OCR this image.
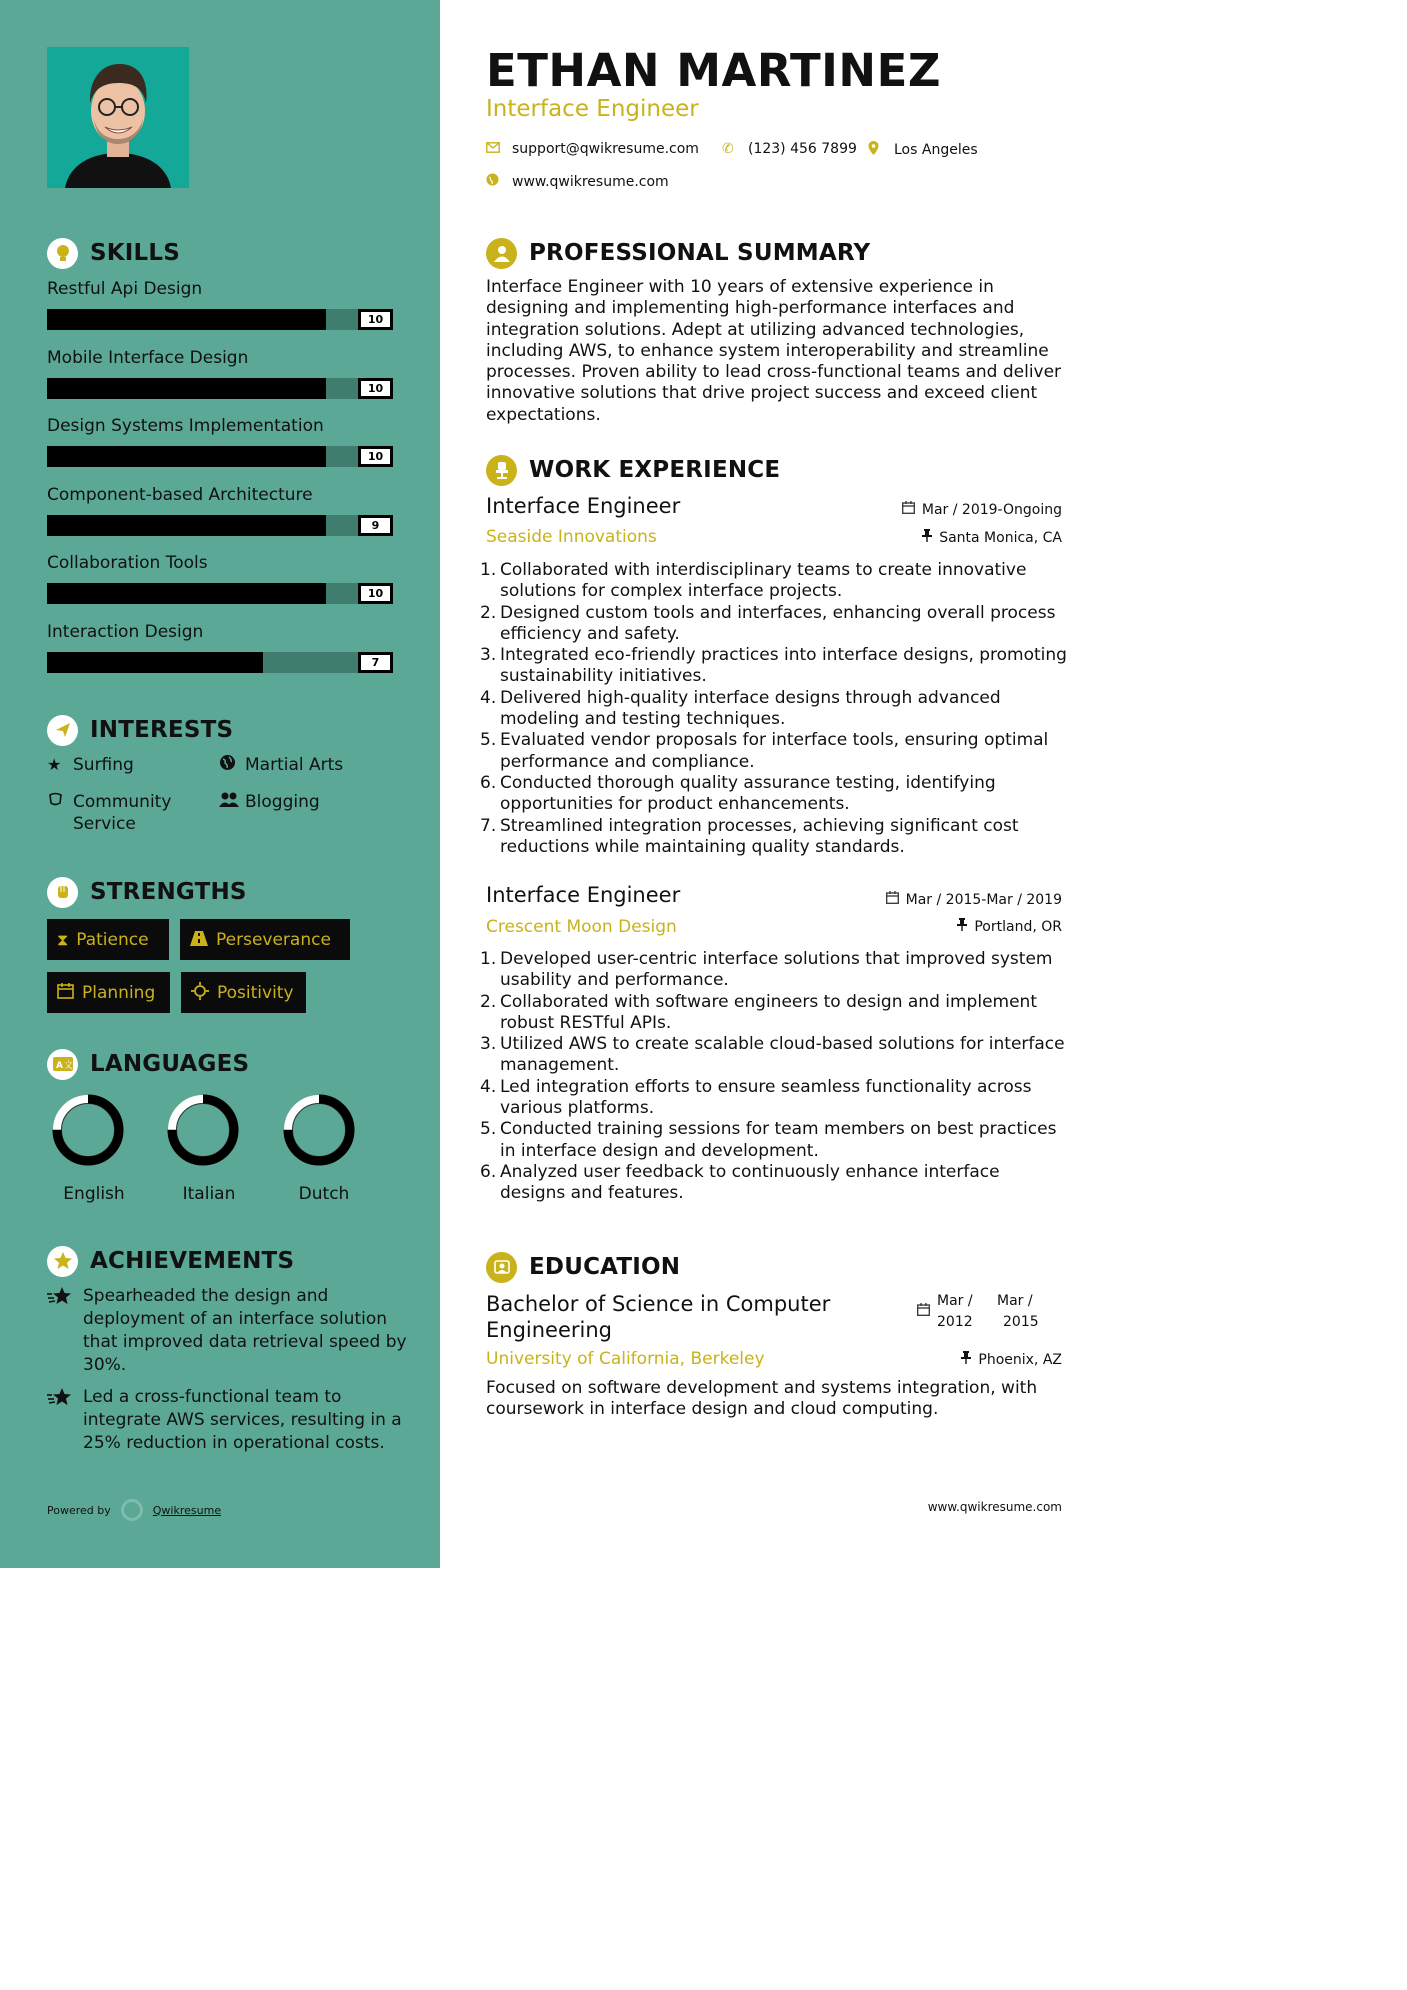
SKILLS
Restful Api Design
10
Mobile Interface Design
10
Design Systems Implementation
10
Component-based Architecture
9
Collaboration Tools
10
Interaction Design
7
INTERESTS
★ Surfing	Martial Arts
Community Service
Blogging
STRENGTHS
⧗ Patience	Perseverance
Planning	Positivity
A 文 LANGUAGES
English	Italian	Dutch
ACHIEVEMENTS
Spearheaded the design and deployment of an interface solution that improved data retrieval speed by 30%.
Led a cross-functional team to integrate AWS services, resulting in a 25% reduction in operational costs.
Powered by	Qwikresume
ETHAN MARTINEZ
Interface Engineer
support@qwikresume.com ✆	(123) 456 7899	Los Angeles
www.qwikresume.com
PROFESSIONAL SUMMARY
Interface Engineer with 10 years of extensive experience in designing and implementing high-performance interfaces and integration solutions. Adept at utilizing advanced technologies, including AWS, to enhance system interoperability and streamline processes. Proven ability to lead cross-functional teams and deliver innovative solutions that drive project success and exceed client expectations.
WORK EXPERIENCE
Interface Engineer	Mar / 2019-Ongoing
Seaside Innovations	Santa Monica, CA
1. Collaborated with interdisciplinary teams to create innovative solutions for complex interface projects.
2. Designed custom tools and interfaces, enhancing overall process efficiency and safety.
3. Integrated eco-friendly practices into interface designs, promoting sustainability initiatives.
4. Delivered high-quality interface designs through advanced modeling and testing techniques.
5. Evaluated vendor proposals for interface tools, ensuring optimal performance and compliance.
6. Conducted thorough quality assurance testing, identifying opportunities for product enhancements.
7. Streamlined integration processes, achieving significant cost reductions while maintaining quality standards.
Interface Engineer	Mar / 2015-Mar / 2019
Crescent Moon Design	Portland, OR
1. Developed user-centric interface solutions that improved system usability and performance.
2. Collaborated with software engineers to design and implement robust RESTful APIs.
3. Utilized AWS to create scalable cloud-based solutions for interface management.
4. Led integration efforts to ensure seamless functionality across various platforms.
5. Conducted training sessions for team members on best practices in interface design and development.
6. Analyzed user feedback to continuously enhance interface designs and features.
EDUCATION
Bachelor of Science in Computer Engineering
Mar /
2012
Mar /
2015
University of California, Berkeley	Phoenix, AZ
Focused on software development and systems integration, with coursework in interface design and cloud computing.
www.qwikresume.com
